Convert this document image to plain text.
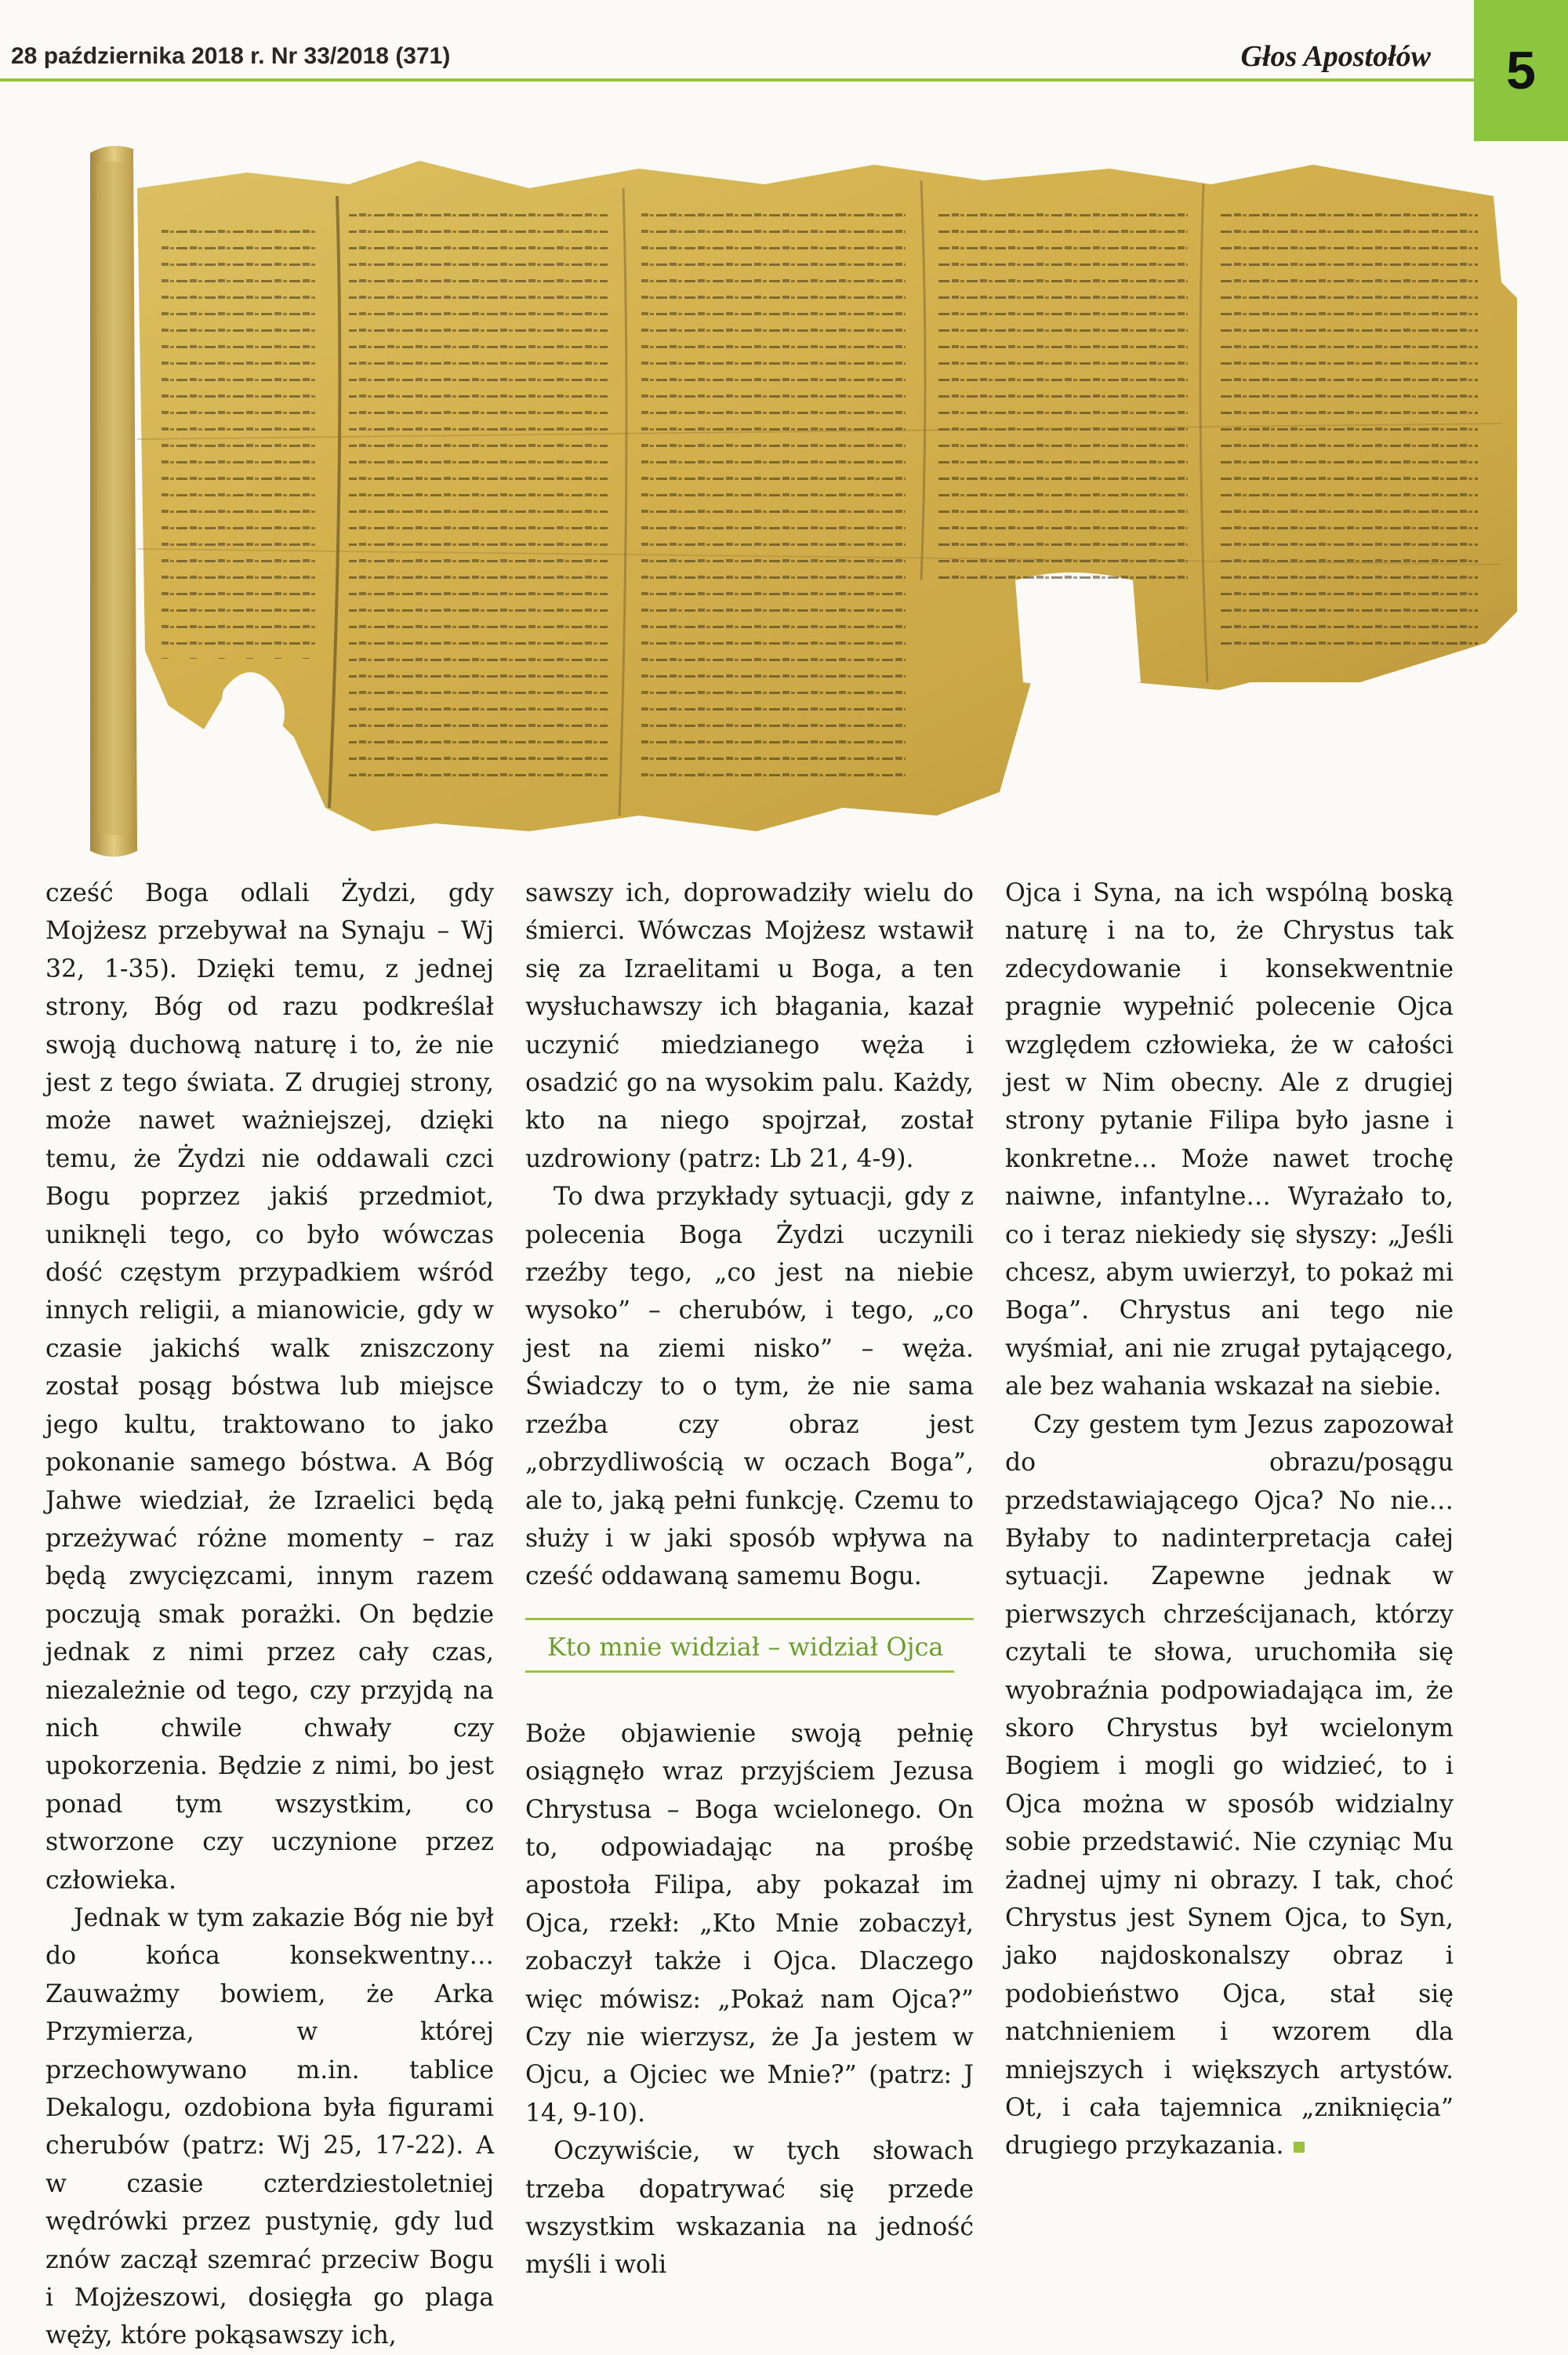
28 października 2018 r. Nr 33/2018 (371)	Głos Apostołów 5

cześć Boga odlali Żydzi, gdy Mojżesz przebywał na Synaju – Wj 32, 1-35). Dzięki temu, z jednej strony, Bóg od razu podkreślał swoją duchową naturę i to, że nie jest z tego świata. Z drugiej strony, może nawet ważniejszej, dzięki temu, że Żydzi nie oddawali czci Bogu poprzez jakiś przedmiot, uniknęli tego, co było wówczas dość częstym przypadkiem wśród innych religii, a mianowicie, gdy w czasie jakichś walk zniszczony został posąg bóstwa lub miejsce jego kultu, traktowano to jako pokonanie samego bóstwa. A Bóg Jahwe wiedział, że Izraelici będą przeżywać różne momenty – raz będą zwycięzcami, innym razem poczują smak porażki. On będzie jednak z nimi przez cały czas, niezależnie od tego, czy przyjdą na nich chwile chwały czy upokorzenia. Będzie z nimi, bo jest ponad tym wszystkim, co stworzone czy uczynione przez człowieka.

Jednak w tym zakazie Bóg nie był do końca konsekwentny… Zauważmy bowiem, że Arka Przymierza, w której przechowywano m.in. tablice Dekalogu, ozdobiona była figurami cherubów (patrz: Wj 25, 17-22). A w czasie czterdziestoletniej wędrówki przez pustynię, gdy lud znów zaczął szemrać przeciw Bogu i Mojżeszowi, dosięgła go plaga węży, które pokąsawszy ich,

sawszy ich, doprowadziły wielu do śmierci. Wówczas Mojżesz wstawił się za Izraelitami u Boga, a ten wysłuchawszy ich błagania, kazał uczynić miedzianego węża i osadzić go na wysokim palu. Każdy, kto na niego spojrzał, został uzdrowiony (patrz: Lb 21, 4-9).

To dwa przykłady sytuacji, gdy z polecenia Boga Żydzi uczynili rzeźby tego, „co jest na niebie wysoko” – cherubów, i tego, „co jest na ziemi nisko” – węża. Świadczy to o tym, że nie sama rzeźba czy obraz jest „obrzydliwością w oczach Boga”, ale to, jaką pełni funkcję. Czemu to służy i w jaki sposób wpływa na cześć oddawaną samemu Bogu.

Kto mnie widział – widział Ojca

Boże objawienie swoją pełnię osiągnęło wraz przyjściem Jezusa Chrystusa – Boga wcielonego. On to, odpowiadając na prośbę apostoła Filipa, aby pokazał im Ojca, rzekł: „Kto Mnie zobaczył, zobaczył także i Ojca. Dlaczego więc mówisz: „Pokaż nam Ojca?” Czy nie wierzysz, że Ja jestem w Ojcu, a Ojciec we Mnie?” (patrz: J 14, 9-10).

Oczywiście, w tych słowach trzeba dopatrywać się przede wszystkim wskazania na jedność myśli i woli

Ojca i Syna, na ich wspólną boską naturę i na to, że Chrystus tak zdecydowanie i konsekwentnie pragnie wypełnić polecenie Ojca względem człowieka, że w całości jest w Nim obecny. Ale z drugiej strony pytanie Filipa było jasne i konkretne… Może nawet trochę naiwne, infantylne… Wyrażało to, co i teraz niekiedy się słyszy: „Jeśli chcesz, abym uwierzył, to pokaż mi Boga”. Chrystus ani tego nie wyśmiał, ani nie zrugał pytającego, ale bez wahania wskazał na siebie.

Czy gestem tym Jezus zapozował do obrazu/posągu przedstawiającego Ojca? No nie… Byłaby to nadinterpretacja całej sytuacji. Zapewne jednak w pierwszych chrześcijanach, którzy czytali te słowa, uruchomiła się wyobraźnia podpowiadająca im, że skoro Chrystus był wcielonym Bogiem i mogli go widzieć, to i Ojca można w sposób widzialny sobie przedstawić. Nie czyniąc Mu żadnej ujmy ni obrazy. I tak, choć Chrystus jest Synem Ojca, to Syn, jako najdoskonalszy obraz i podobieństwo Ojca, stał się natchnieniem i wzorem dla mniejszych i większych artystów. Ot, i cała tajemnica „zniknięcia” drugiego przykazania.
